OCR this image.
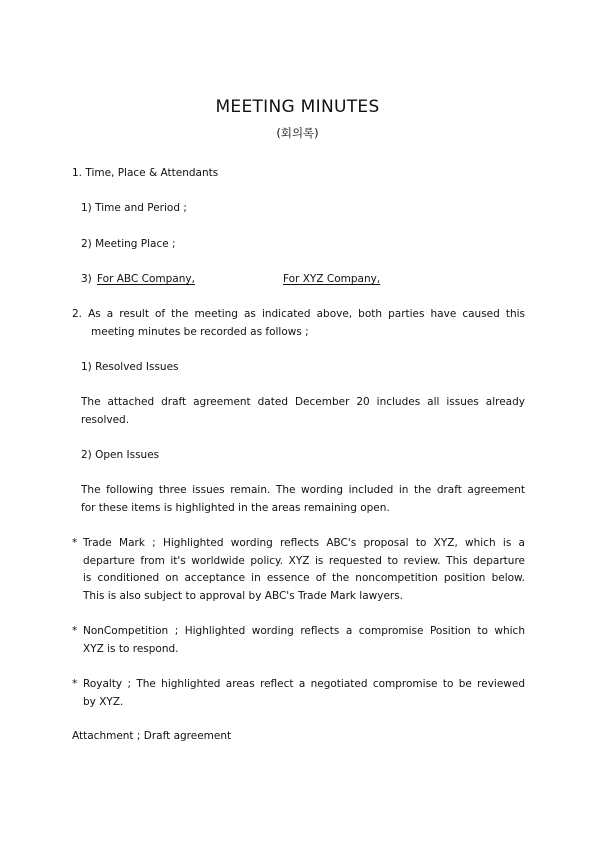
MEETING MINUTES
(회의록)
1. Time, Place & Attendants
1) Time and Period ;
2) Meeting Place ;
3) For ABC Company,	For XYZ Company,
2. As a result of the meeting as indicated above, both parties have caused this
meeting minutes be recorded as follows ;
1) Resolved Issues
The attached draft agreement dated December 20 includes all issues already
resolved.
2) Open Issues
The following three issues remain. The wording included in the draft agreement
for these items is highlighted in the areas remaining open.
* Trade Mark ; Highlighted wording reflects ABC's proposal to XYZ, which is a
departure from it's worldwide policy. XYZ is requested to review. This departure
is conditioned on acceptance in essence of the noncompetition position below.
This is also subject to approval by ABC's Trade Mark lawyers.
* NonCompetition ; Highlighted wording reflects a compromise Position to which
XYZ is to respond.
* Royalty ; The highlighted areas reflect a negotiated compromise to be reviewed
by XYZ.
Attachment ; Draft agreement
